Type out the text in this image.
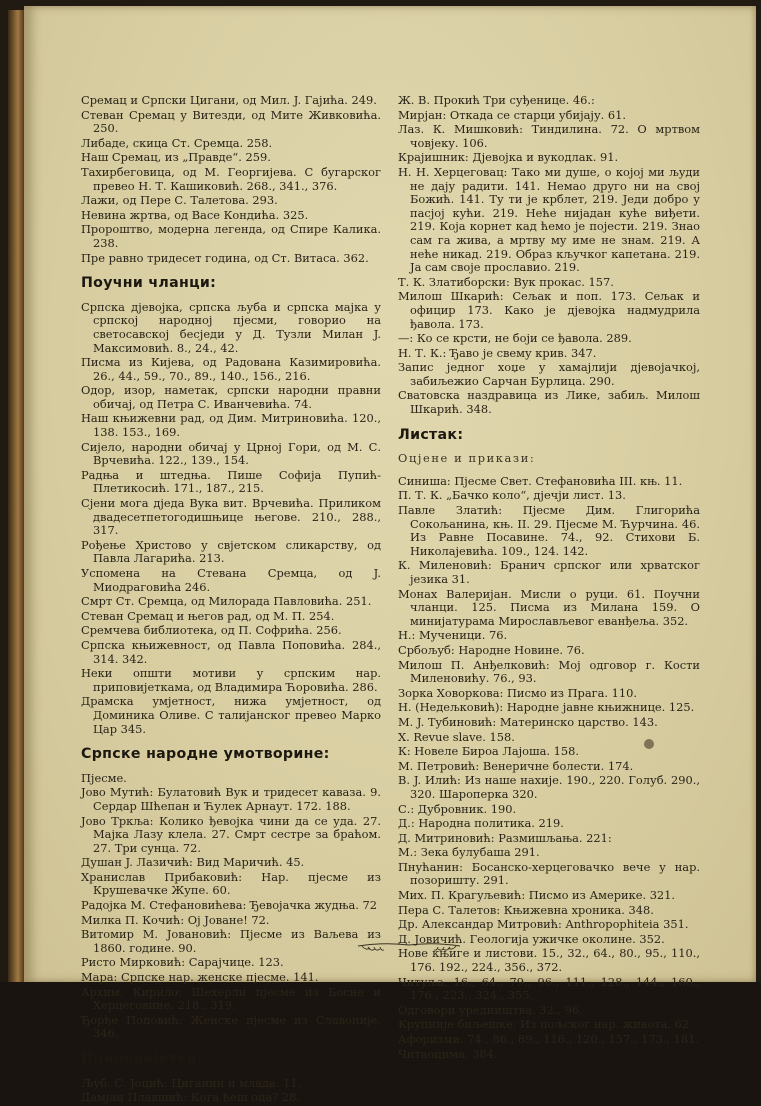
Сремац и Српски Цигани, од Мил. J. Гајића. 249.

Стеван Сремац у Витезди, од Мите Живковића. 250.

Либаде, скица Ст. Сремца. 258.

Наш Сремац, из „Правде“. 259.

Тахирбеговица, од М. Георгијева. С бугарског превео Н. Т. Кашиковић. 268., 341., 376.

Лажи, од Пере С. Талетова. 293.

Невина жртва, од Васе Кондића. 325.

Пророштво, модерна легенда, од Спире Калика. 238.

Пре равно тридесет година, од Ст. Витаса. 362.

Поучни чланци:

Српска дјевојка, српска љуба и српска мајка у српској народној пјесми, говорио на светосавској бесједи у Д. Тузли Милан J. Максимовић. 8., 24., 42.

Писма из Кијева, од Радована Казимировића. 26., 44., 59., 70., 89., 140., 156., 216.

Одор, изор, наметак, српски народни правни обичај, од Петра С. Иванчевића. 74.

Наш књижевни рад, од Дим. Митриновића. 120., 138. 153., 169.

Сијело, народни обичај у Црној Гори, од М. С. Врчевића. 122., 139., 154.

Радња и штедња. Пише Софија Пупић-Плетикосић. 171., 187., 215.

Сјени мога дједа Вука вит. Врчевића. Приликом двадесетпетогодишњице његове. 210., 288., 317.

Рођење Христово у свјетском сликарству, од Павла Лагарића. 213.

Успомена на Стевана Сремца, од J. Миодраговића 246.

Смрт Ст. Сремца, од Милорада Павловића. 251.

Стеван Сремац и његов рад, од М. П. 254.

Сремчева библиотека, од П. Софрића. 256.

Српска књижевност, од Павла Поповића. 284., 314. 342.

Неки општи мотиви у српским нар. приповијеткама, од Владимира Ћоровића. 286.

Драмска умјетност, нижа умјетност, од Доминика Оливе. С талијанског превео Марко Цар 345.

Српске народне умотворине:

Пјесме.

Јово Мутић: Булатовић Вук и тридесет каваза. 9. Сердар Шћепан и Ћулек Арнаут. 172. 188.

Јово Тркља: Колико ђевојка чини да се уда. 27. Мајка Лазу клела. 27. Смрт сестре за браћом. 27. Три сунца. 72.

Душан J. Лазичић: Вид Маричић. 45.

Хранислав Прибаковић: Нар. пјесме из Крушевачке Жупе. 60.

Радојка М. Стефановићева: Ђевојачка жудња. 72

Милка П. Кочић: Oj Јоване! 72.

Витомир М. Јовановић: Пјесме из Ваљева из 1860. године. 90.

Ристо Мирковић: Сарајчице. 123.

Мара: Српске нар. женске пјесме. 141.

Архим. Кирило: Шехерли пјесме из Босне и Херцеговине. 218., 319.

Ђорђе Поповић: Женске пјесме из Славоније. 346.

Приповијетке:

Љуб. С. Јоцић: Циганин и млада. 11.

Дамјан Плавшић: Кога ћеш оца? 28.

Ж. В. Прокић Три суђенице. 46.:

Мирјан: Откада се старци убијају. 61.

Лаз. К. Мишковић: Тиндилина. 72. О мртвом човјеку. 106.

Крајишник: Дјевојка и вукодлак. 91.

Н. Н. Херцеговац: Тако ми душе, о којој ми људи не дају радити. 141. Немао друго ни на свој Божић. 141. Ту ти је крблет, 219. Једи добро у пасјој кући. 219. Неће нијадан куће виђети. 219. Која корнет кад ћемо је појести. 219. Знао сам га жива, а мртву му име не знам. 219. А неће никад. 219. Образ кључког капетана. 219. Ја сам своје прославио. 219.

Т. К. Златиборски: Вук прокас. 157.

Милош Шкарић: Сељак и поп. 173. Сељак и официр 173. Како је дјевојка надмудрила ђавола. 173.

—: Ко се крсти, не боји се ђавола. 289.

Н. Т. К.: Ђаво је свему крив. 347.

Запис једног хоџе у хамајлији дјевојачкој, забиљежио Сарчан Бурлица. 290.

Сватовска наздравица из Лике, забиљ. Милош Шкарић. 348.

Листак:

Оцјене и прикази:

Синиша: Пјесме Свет. Стефановића III. књ. 11.

П. Т. К. „Бачко коло“, дјечји лист. 13.

Павле Златић: Пјесме Дим. Глигорића Сокољанина, књ. II. 29. Пјесме М. Ћурчина. 46. Из Равне Посавине. 74., 92. Стихови Б. Николајевића. 109., 124. 142.

К. Миленовић: Бранич српског или хрватског језика 31.

Монах Валеријан. Мисли о руци. 61. Поучни чланци. 125. Писма из Милана 159. О минијатурама Мирослављевог еванђеља. 352.

Н.: Мученици. 76.

Србољуб: Народне Новине. 76.

Милош П. Анђелковић: Мој одговор г. Кости Миленовићу. 76., 93.

Зорка Ховоркова: Писмо из Прага. 110.

Н. (Недељковић): Народне јавне књижнице. 125.

М. J. Тубиновић: Материнско царство. 143.

X. Revue slave. 158.

К: Новеле Бироа Лајоша. 158.

М. Петровић: Венеричне болести. 174.

В. J. Илић: Из наше нахије. 190., 220. Голуб. 290., 320. Шароперка 320.

С.: Дубровник. 190.

Д.: Народна политика. 219.

Д. Митриновић: Размишљања. 221:

М.: Зека булубаша 291.

Пнућанин: Босанско-херцеговачко вече у нар. позоришту. 291.

Мих. П. Крагуљевић: Писмо из Америке. 321.

Пера С. Талетов: Књижевна хроника. 348.

Др. Александар Митровић: Anthropophiteia 351.

Д. Јовичић. Геологија ужичке околине. 352.

Нове књиге и листови. 15., 32., 64., 80., 95., 110., 176. 192., 224., 356., 372.

Читуља. 16., 64., 79., 96., 111., 128., 144., 160., 176., 223., 324., 355.

Одговори уредништва. 32., 96.

Крупније биљешке: Из пољског нар. живота. 62.

Афоризми. 74., 86., 89., 116., 120., 157., 173., 181.

Читаоцима. 384.
